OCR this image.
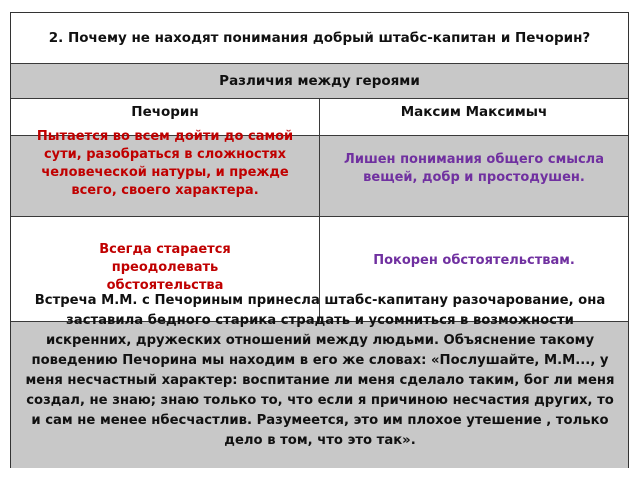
2. Почему не находят понимания добрый штабс-капитан и Печорин?
Различия между героями
Печорин	Максим Максимыч
Пытается во всем дойти до самой сути, разобраться в сложностях человеческой натуры, и прежде всего, своего характера.
Лишен понимания общего смысла вещей, добр и простодушен.
Всегда старается преодолевать обстоятельства
Покорен обстоятельствам.
Встреча М.М. с Печориным принесла штабс-капитану разочарование, она заставила бедного старика страдать и усомниться в возможности искренних, дружеских отношений между людьми. Объяснение такому поведению Печорина мы находим в его же словах: «Послушайте, М.М..., у меня несчастный характер: воспитание ли меня сделало таким, бог ли меня создал, не знаю; знаю только то, что если я причиною несчастия других, то и сам не менее нбесчастлив. Разумеется, это им плохое утешение , только дело в том, что это так».
